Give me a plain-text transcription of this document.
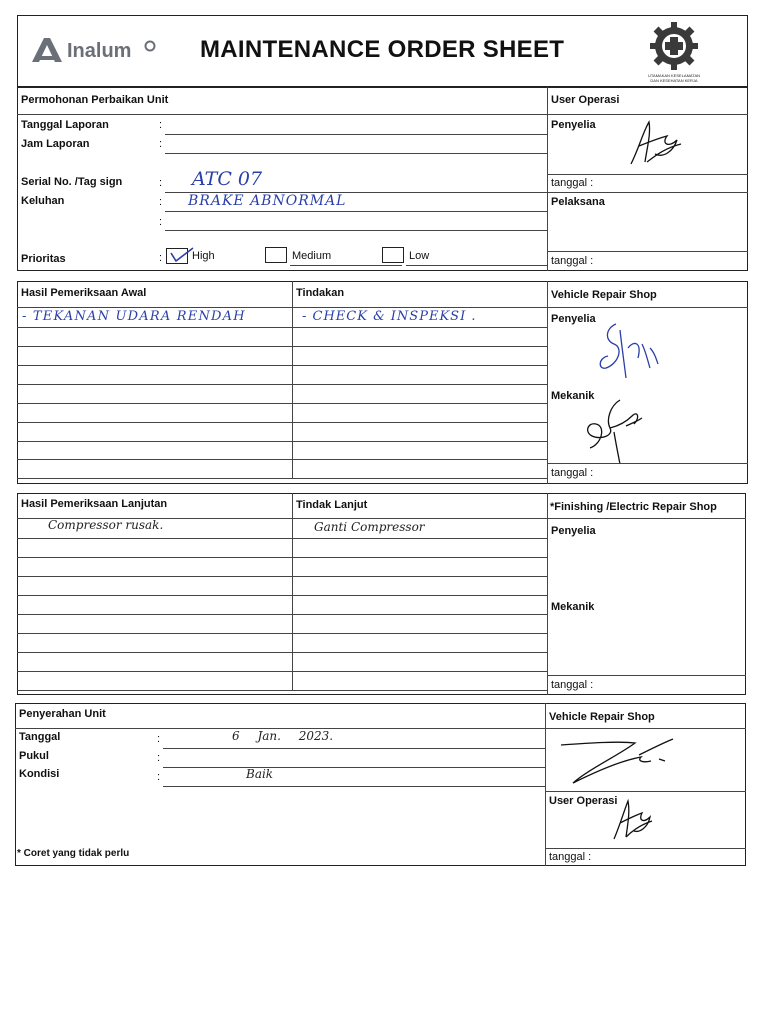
Inalum	MAINTENANCE ORDER SHEET
UTAMAKAN KESELAMATAN
DAN KESEHATAN KERJA
Permohonan Perbaikan Unit	User Operasi
Tanggal Laporan	:
Jam Laporan	:
Serial No. /Tag sign	: ATC 07
Keluhan	: BRAKE ABNORMAL
:
Prioritas	:	High	Medium	Low
Penyelia
tanggal :
Pelaksana
tanggal :
Hasil Pemeriksaan Awal	Tindakan	Vehicle Repair Shop
- TEKANAN UDARA RENDAH	- CHECK & INSPEKSI .	Penyelia
Mekanik
tanggal :
Hasil Pemeriksaan Lanjutan	Tindak Lanjut	*Finishing /Electric Repair Shop
Compressor rusak.	Ganti Compressor	Penyelia
Mekanik
tanggal :
Penyerahan Unit	Vehicle Repair Shop
Tanggal	:	6 Jan. 2023.
Pukul	:
Kondisi	:	Baik
* Coret yang tidak perlu
User Operasi
tanggal :
